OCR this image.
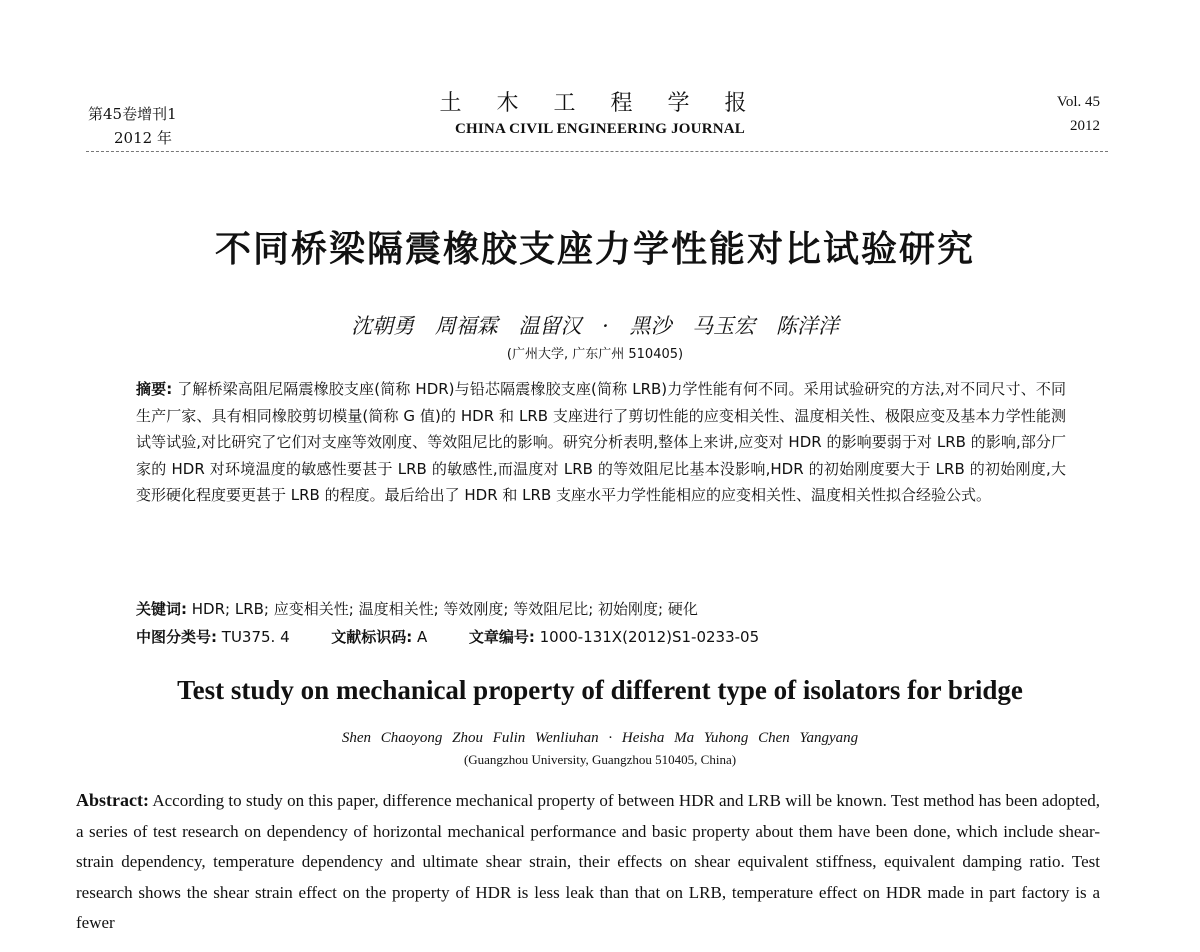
第45卷增刊1
2012 年
土 木 工 程 学 报
CHINA CIVIL ENGINEERING JOURNAL
Vol. 45
2012
不同桥梁隔震橡胶支座力学性能对比试验研究
沈朝勇 周福霖 温留汉 · 黑沙 马玉宏 陈洋洋
(广州大学, 广东广州 510405)
摘要: 了解桥梁高阻尼隔震橡胶支座(简称 HDR)与铅芯隔震橡胶支座(简称 LRB)力学性能有何不同。采用试验研究的方法,对不同尺寸、不同生产厂家、具有相同橡胶剪切模量(简称 G 值)的 HDR 和 LRB 支座进行了剪切性能的应变相关性、温度相关性、极限应变及基本力学性能测试等试验,对比研究了它们对支座等效刚度、等效阻尼比的影响。研究分析表明,整体上来讲,应变对 HDR 的影响要弱于对 LRB 的影响,部分厂家的 HDR 对环境温度的敏感性要甚于 LRB 的敏感性,而温度对 LRB 的等效阻尼比基本没影响,HDR 的初始刚度要大于 LRB 的初始刚度,大变形硬化程度要更甚于 LRB 的程度。最后给出了 HDR 和 LRB 支座水平力学性能相应的应变相关性、温度相关性拟合经验公式。
关键词: HDR; LRB; 应变相关性; 温度相关性; 等效刚度; 等效阻尼比; 初始刚度; 硬化
中图分类号: TU375. 4	文献标识码: A	文章编号: 1000-131X(2012)S1-0233-05
Test study on mechanical property of different type of isolators for bridge
Shen Chaoyong Zhou Fulin Wenliuhan · Heisha Ma Yuhong Chen Yangyang
(Guangzhou University, Guangzhou 510405, China)
Abstract: According to study on this paper, difference mechanical property of between HDR and LRB will be known. Test method has been adopted, a series of test research on dependency of horizontal mechanical performance and basic property about them have been done, which include shear-strain dependency, temperature dependency and ultimate shear strain, their effects on shear equivalent stiffness, equivalent damping ratio. Test research shows the shear strain effect on the property of HDR is less leak than that on LRB, temperature effect on HDR made in part factory is a fewer
